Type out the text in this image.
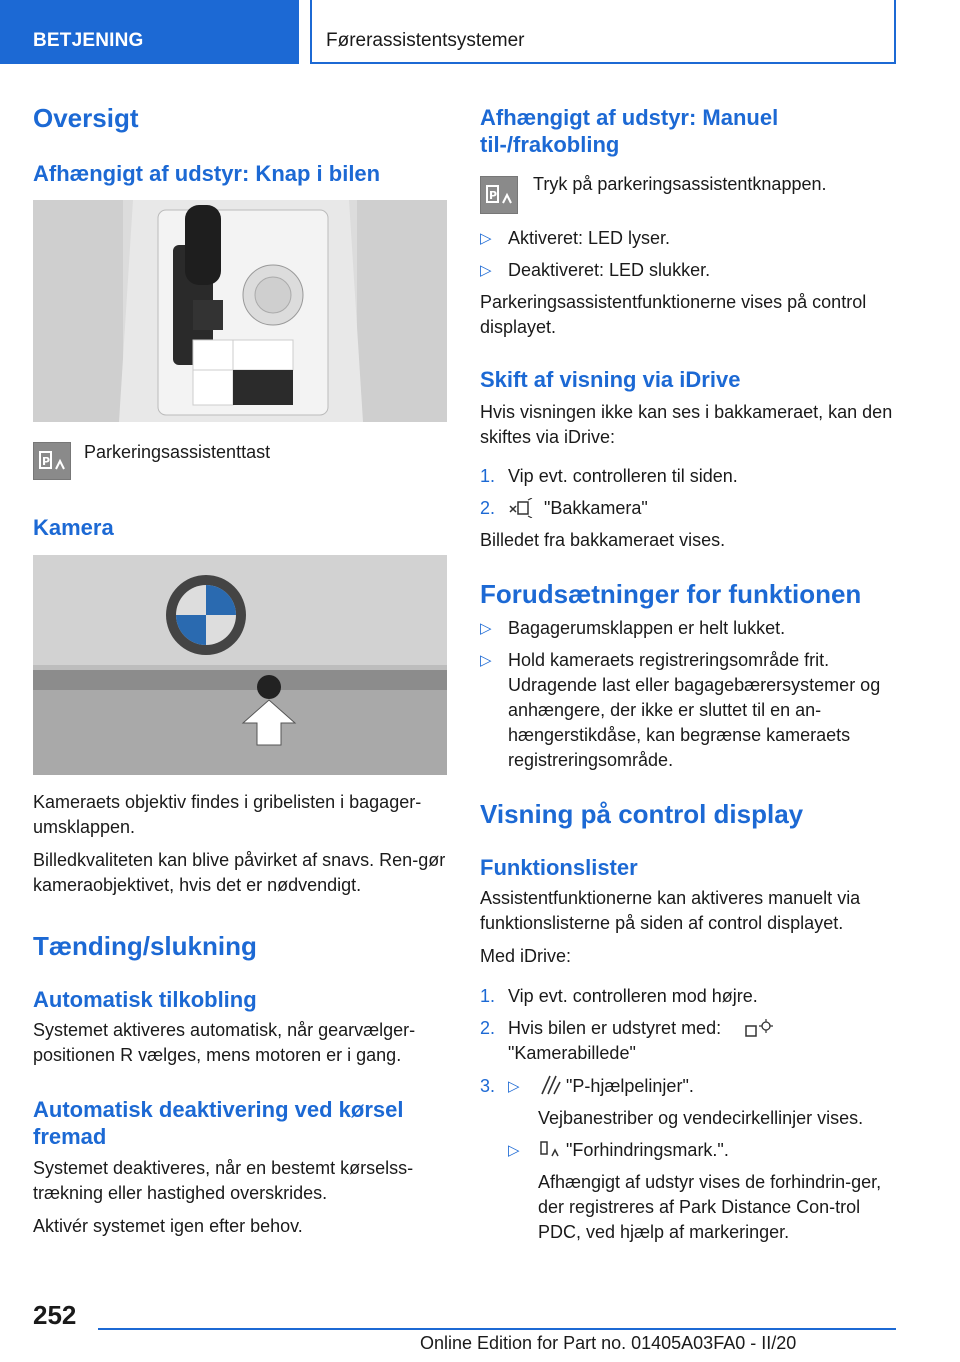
BETJENING	Førerassistentsystemer
Oversigt
Afhængigt af udstyr: Knap i bilen
P Parkeringsassistenttast

Kamera

Kameraets objektiv findes i gribelisten i bagager-umsklappen.

Billedkvaliteten kan blive påvirket af snavs. Ren-gør kameraobjektivet, hvis det er nødvendigt.

Tænding/slukning
Automatisk tilkobling

Systemet aktiveres automatisk, når gearvælger-positionen R vælges, mens motoren er i gang.

Automatisk deaktivering ved kørsel fremad

Systemet deaktiveres, når en bestemt kørselss-trækning eller hastighed overskrides.

Aktivér systemet igen efter behov.

Afhængigt af udstyr: Manuel til-/frakobling
P

Tryk på parkeringsassistentknappen.

▷ Aktiveret: LED lyser.
▷ Deaktiveret: LED slukker.

Parkeringsassistentfunktionerne vises på control displayet.

Skift af visning via iDrive

Hvis visningen ikke kan ses i bakkameraet, kan den skiftes via iDrive:

1. Vip evt. controlleren til siden.
2.	"Bakkamera"

Billedet fra bakkameraet vises.

Forudsætninger for funktionen
▷ Bagagerumsklappen er helt lukket.
▷ Hold kameraets registreringsområde frit. Udragende last eller bagagebærersystemer og anhængere, der ikke er sluttet til en an-hængerstikdåse, kan begrænse kameraets registreringsområde.
Visning på control display
Funktionslister

Assistentfunktionerne kan aktiveres manuelt via funktionslisterne på siden af control displayet.

Med iDrive:

1. Vip evt. controlleren mod højre.
2. Hvis bilen er udstyret med:
"Kamerabillede"
3. ▷	"P-hjælpelinjer".
Vejbanestriber og vendecirkellinjer vises.
▷	"Forhindringsmark.".
Afhængigt af udstyr vises de forhindrin-ger, der registreres af Park Distance Con-trol PDC, ved hjælp af markeringer.
252
Online Edition for Part no. 01405A03FA0 - II/20
